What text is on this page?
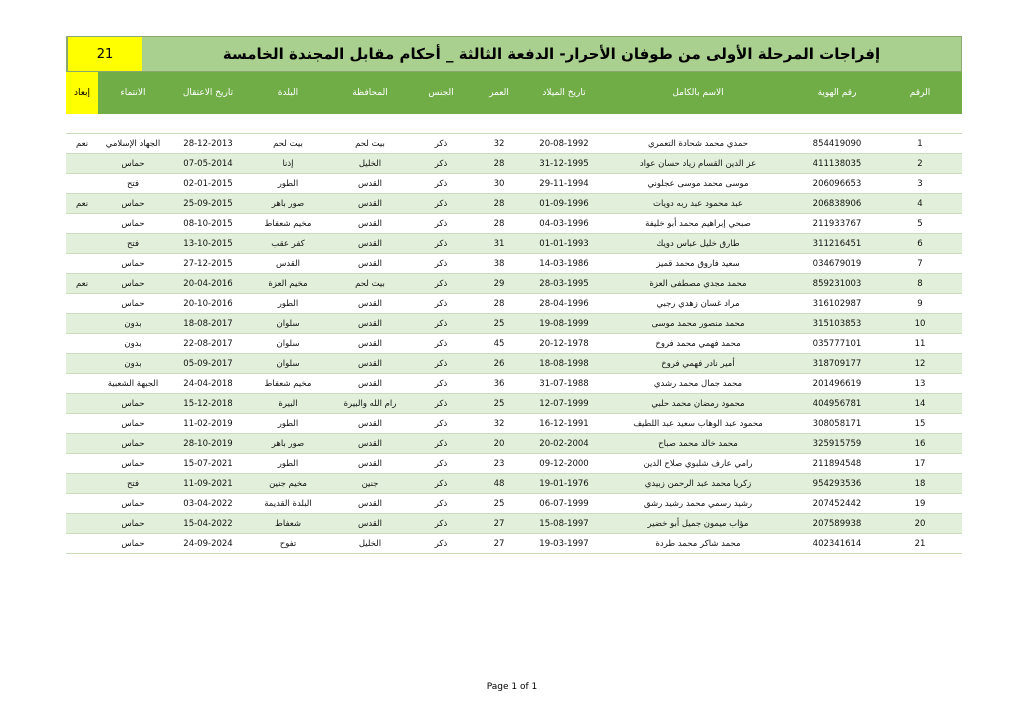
إفراجات المرحلة الأولى من طوفان الأحرار- الدفعة الثالثة _ أحكام مقابل المجندة الخامسة
21
الرقم	رقم الهوية	الاسم بالكامل	تاريخ الميلاد	العمر	الجنس	المحافظة	البلدة	تاريخ الاعتقال	الانتماء	إبعاد

1	854419090	حمدي محمد شحادة التعمري	20-08-1992	32	ذكر	بيت لحم	بيت لحم	28-12-2013	الجهاد الإسلامي	نعم
2	411138035	عز الدين القسام زياد حسان عواد	31-12-1995	28	ذكر	الخليل	إذنا	07-05-2014	حماس	
3	206096653	موسى محمد موسى عجلوني	29-11-1994	30	ذكر	القدس	الطور	02-01-2015	فتح	
4	206838906	عبد محمود عبد ربه دويات	01-09-1996	28	ذكر	القدس	صور باهر	25-09-2015	حماس	نعم
5	211933767	صبحي إبراهيم محمد أبو خليفة	04-03-1996	28	ذكر	القدس	مخيم شعفاط	08-10-2015	حماس	
6	311216451	طارق خليل عباس دويك	01-01-1993	31	ذكر	القدس	كفر عقب	13-10-2015	فتح	
7	034679019	سعيد فاروق محمد قميز	14-03-1986	38	ذكر	القدس	القدس	27-12-2015	حماس	
8	859231003	محمد مجدي مصطفى العزة	28-03-1995	29	ذكر	بيت لحم	مخيم العزة	20-04-2016	حماس	نعم
9	316102987	مراد غسان زهدي رجبي	28-04-1996	28	ذكر	القدس	الطور	20-10-2016	حماس	
10	315103853	محمد منصور محمد موسى	19-08-1999	25	ذكر	القدس	سلوان	18-08-2017	بدون	
11	035777101	محمد فهمي محمد فروخ	20-12-1978	45	ذكر	القدس	سلوان	22-08-2017	بدون	
12	318709177	أمير نادر فهمي فروخ	18-08-1998	26	ذكر	القدس	سلوان	05-09-2017	بدون	
13	201496619	محمد جمال محمد رشدي	31-07-1988	36	ذكر	القدس	مخيم شعفاط	24-04-2018	الجبهة الشعبية	
14	404956781	محمود رمضان محمد حلبي	12-07-1999	25	ذكر	رام الله والبيرة	البيرة	15-12-2018	حماس	
15	308058171	محمود عبد الوهاب سعيد عبد اللطيف	16-12-1991	32	ذكر	القدس	الطور	11-02-2019	حماس	
16	325915759	محمد خالد محمد صباح	20-02-2004	20	ذكر	القدس	صور باهر	28-10-2019	حماس	
17	211894548	رامي عارف شلبوي صلاح الدين	09-12-2000	23	ذكر	القدس	الطور	15-07-2021	حماس	
18	954293536	زكريا محمد عبد الرحمن زبيدي	19-01-1976	48	ذكر	جنين	مخيم جنين	11-09-2021	فتح	
19	207452442	رشيد رسمي محمد رشيد رشق	06-07-1999	25	ذكر	القدس	البلدة القديمة	03-04-2022	حماس	
20	207589938	مؤاب ميمون جميل أبو خضير	15-08-1997	27	ذكر	القدس	شعفاط	15-04-2022	حماس	
21	402341614	محمد شاكر محمد طردة	19-03-1997	27	ذكر	الخليل	تفوح	24-09-2024	حماس	
Page 1 of 1
